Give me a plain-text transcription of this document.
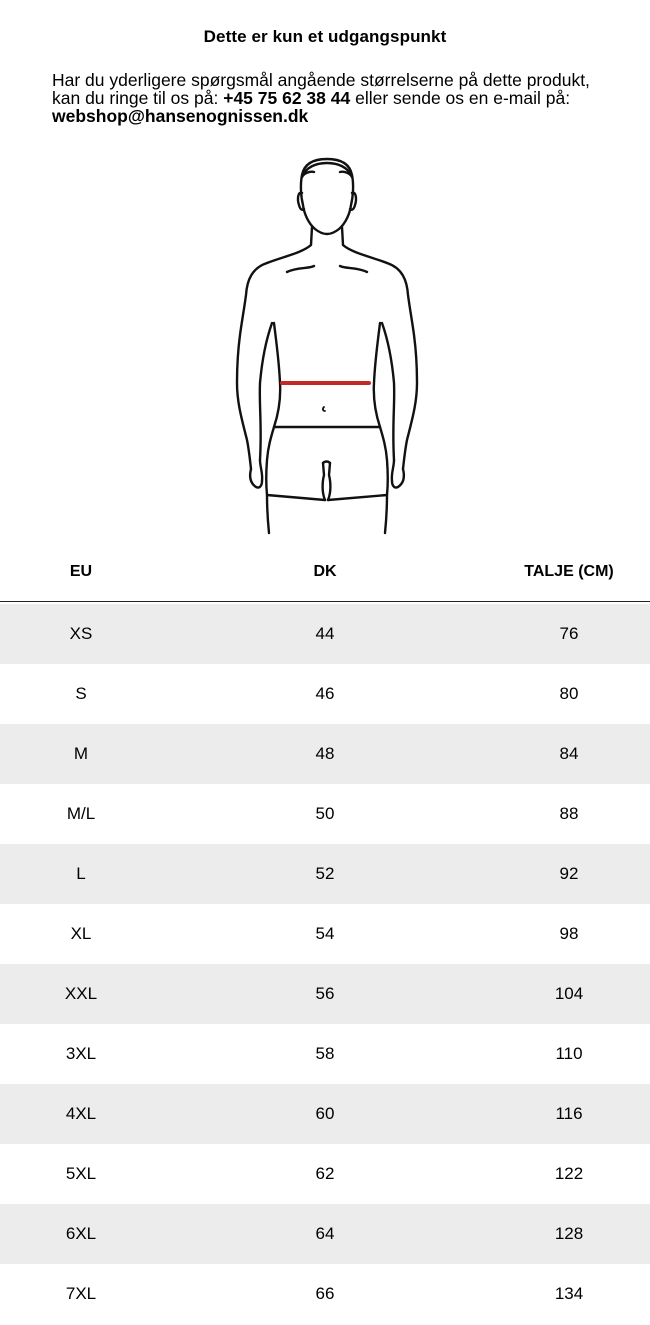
Dette er kun et udgangspunkt
Har du yderligere spørgsmål angående størrelserne på dette produkt, kan du ringe til os på: +45 75 62 38 44 eller sende os en e-mail på: webshop@hansenognissen.dk
EU	DK	TALJE (CM)
XS	44	76
S	46	80
M	48	84
M/L	50	88
L	52	92
XL	54	98
XXL	56	104
3XL	58	110
4XL	60	116
5XL	62	122
6XL	64	128
7XL	66	134
